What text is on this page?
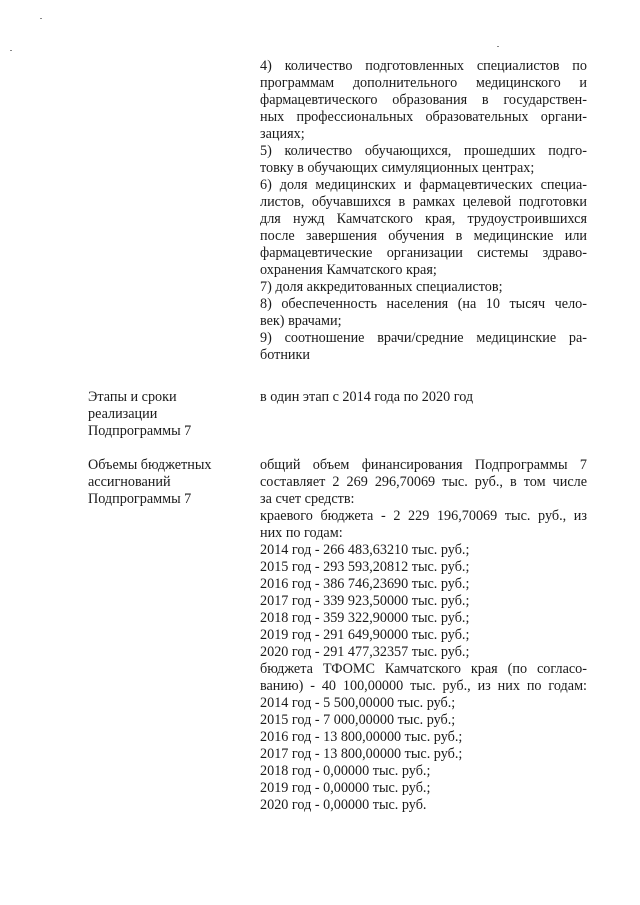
4) количество подготовленных специалистов по

программам дополнительного медицинского и

фармацевтического образования в государствен-

ных профессиональных образовательных органи-

зациях;

5) количество обучающихся, прошедших подго-

товку в обучающих симуляционных центрах;

6) доля медицинских и фармацевтических специа-

листов, обучавшихся в рамках целевой подготовки

для нужд Камчатского края, трудоустроившихся

после завершения обучения в медицинские или

фармацевтические организации системы здраво-

охранения Камчатского края;

7) доля аккредитованных специалистов;

8) обеспеченность населения (на 10 тысяч чело-

век) врачами;

9) соотношение врачи/средние медицинские ра-

ботники

Этапы и сроки

реализации

Подпрограммы 7

в один этап с 2014 года по 2020 год

Объемы бюджетных

ассигнований

Подпрограммы 7

общий объем финансирования Подпрограммы 7

составляет 2 269 296,70069 тыс. руб., в том числе

за счет средств:

краевого бюджета - 2 229 196,70069 тыс. руб., из

них по годам:

2014 год - 266 483,63210 тыс. руб.;

2015 год - 293 593,20812 тыс. руб.;

2016 год - 386 746,23690 тыс. руб.;

2017 год - 339 923,50000 тыс. руб.;

2018 год - 359 322,90000 тыс. руб.;

2019 год - 291 649,90000 тыс. руб.;

2020 год - 291 477,32357 тыс. руб.;

бюджета ТФОМС Камчатского края (по согласо-

ванию) - 40 100,00000 тыс. руб., из них по годам:

2014 год - 5 500,00000 тыс. руб.;

2015 год - 7 000,00000 тыс. руб.;

2016 год - 13 800,00000 тыс. руб.;

2017 год - 13 800,00000 тыс. руб.;

2018 год - 0,00000 тыс. руб.;

2019 год - 0,00000 тыс. руб.;

2020 год - 0,00000 тыс. руб.
